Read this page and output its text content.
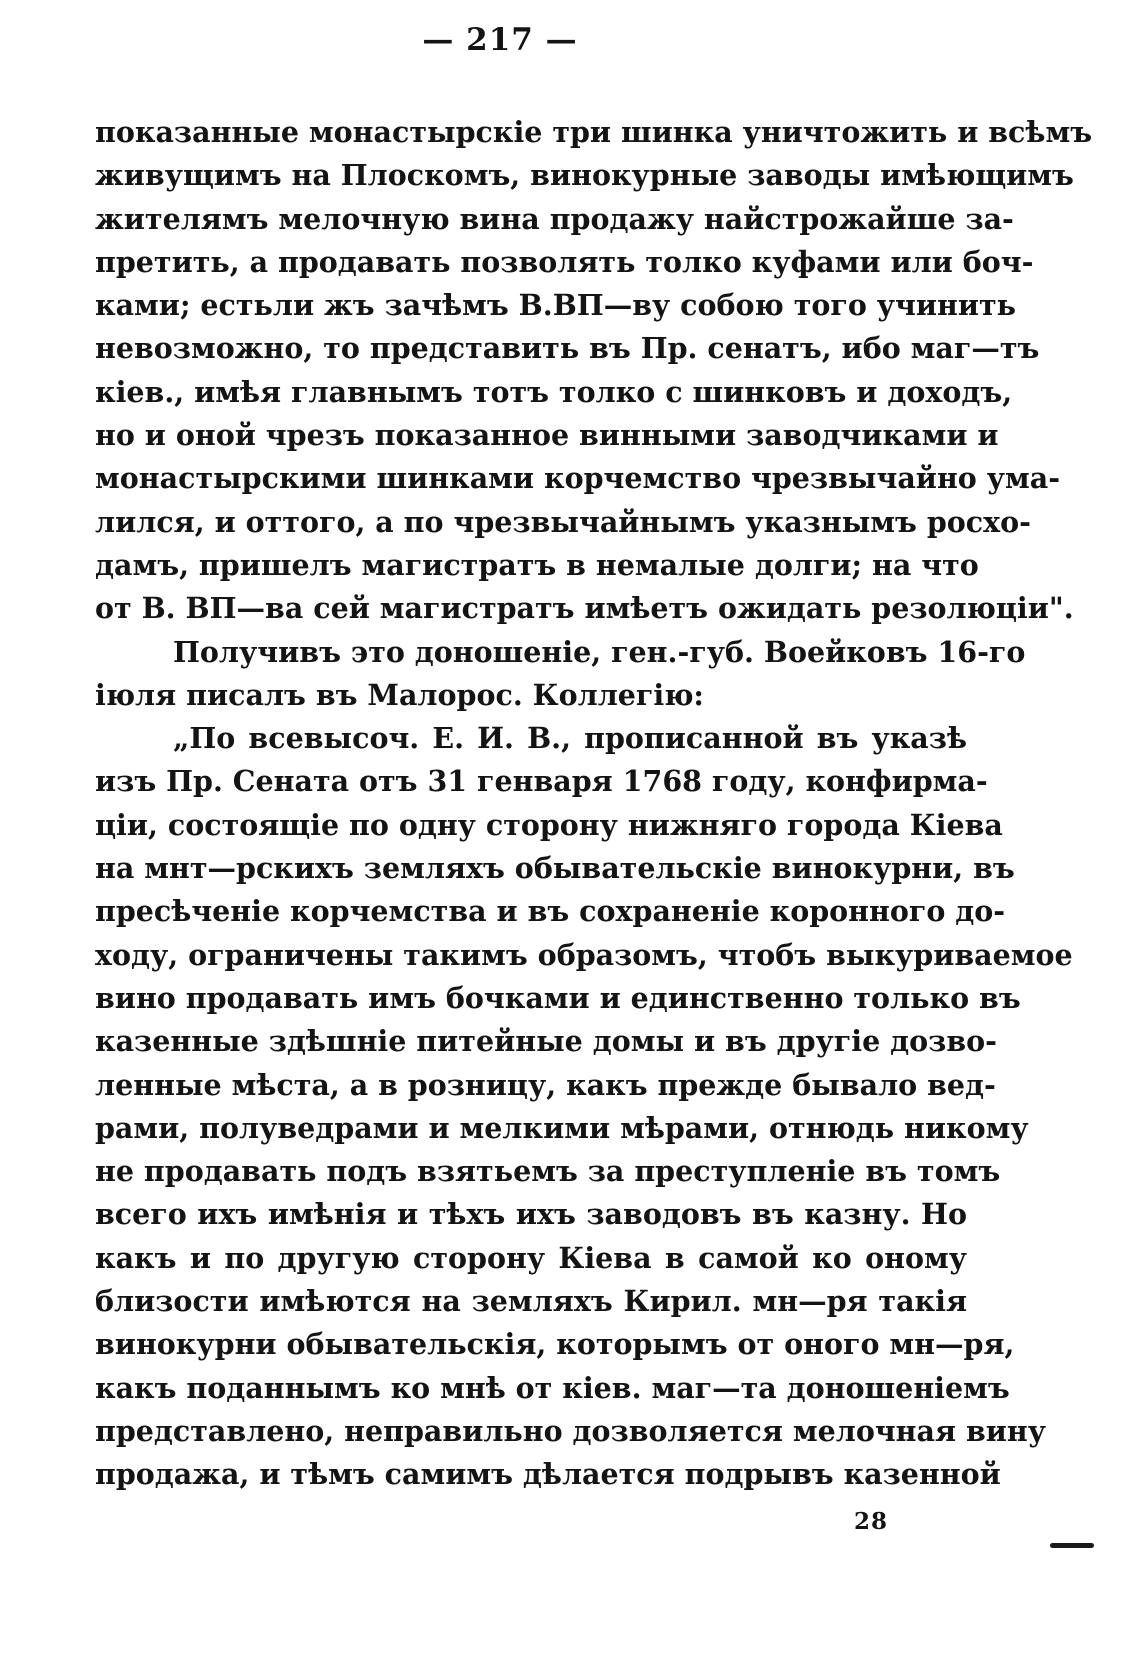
— 217 —
показанные монастырскіе три шинка уничтожить и всѣмъ
живущимъ на Плоскомъ, винокурные заводы имѣющимъ
жителямъ мелочную вина продажу найстрожайше за-
претить, а продавать позволять толко куфами или боч-
ками; естьли жъ зачѣмъ В.ВП—ву собою того учинить
невозможно, то представить въ Пр. сенатъ, ибо маг—тъ
кіев., имѣя главнымъ тотъ толко с шинковъ и доходъ,
но и оной чрезъ показанное винными заводчиками и
монастырскими шинками корчемство чрезвычайно ума-
лился, и оттого, а по чрезвычайнымъ указнымъ росхо-
дамъ, пришелъ магистратъ в немалые долги; на что
от В. ВП—ва сей магистратъ имѣетъ ожидать резолюціи".
Получивъ это доношеніе, ген.-губ. Воейковъ 16-го
іюля писалъ въ Малорос. Коллегію:
„По всевысоч. Е. И. В., прописанной въ указѣ
изъ Пр. Сената отъ 31 генваря 1768 году, конфирма-
ціи, состоящіе по одну сторону нижняго города Кіева
на мнт—рскихъ земляхъ обывательскіе винокурни, въ
пресѣченіе корчемства и въ сохраненіе коронного до-
ходу, ограничены такимъ образомъ, чтобъ выкуриваемое
вино продавать имъ бочками и единственно только въ
казенные здѣшніе питейные домы и въ другіе дозво-
ленные мѣста, а в розницу, какъ прежде бывало вед-
рами, полуведрами и мелкими мѣрами, отнюдь никому
не продавать подъ взятьемъ за преступленіе въ томъ
всего ихъ имѣнія и тѣхъ ихъ заводовъ въ казну. Но
какъ и по другую сторону Кіева в самой ко оному
близости имѣются на земляхъ Кирил. мн—ря такія
винокурни обывательскія, которымъ от оного мн—ря,
какъ поданнымъ ко мнѣ от кіев. маг—та доношеніемъ
представлено, неправильно дозволяется мелочная вину
продажа, и тѣмъ самимъ дѣлается подрывъ казенной
28
